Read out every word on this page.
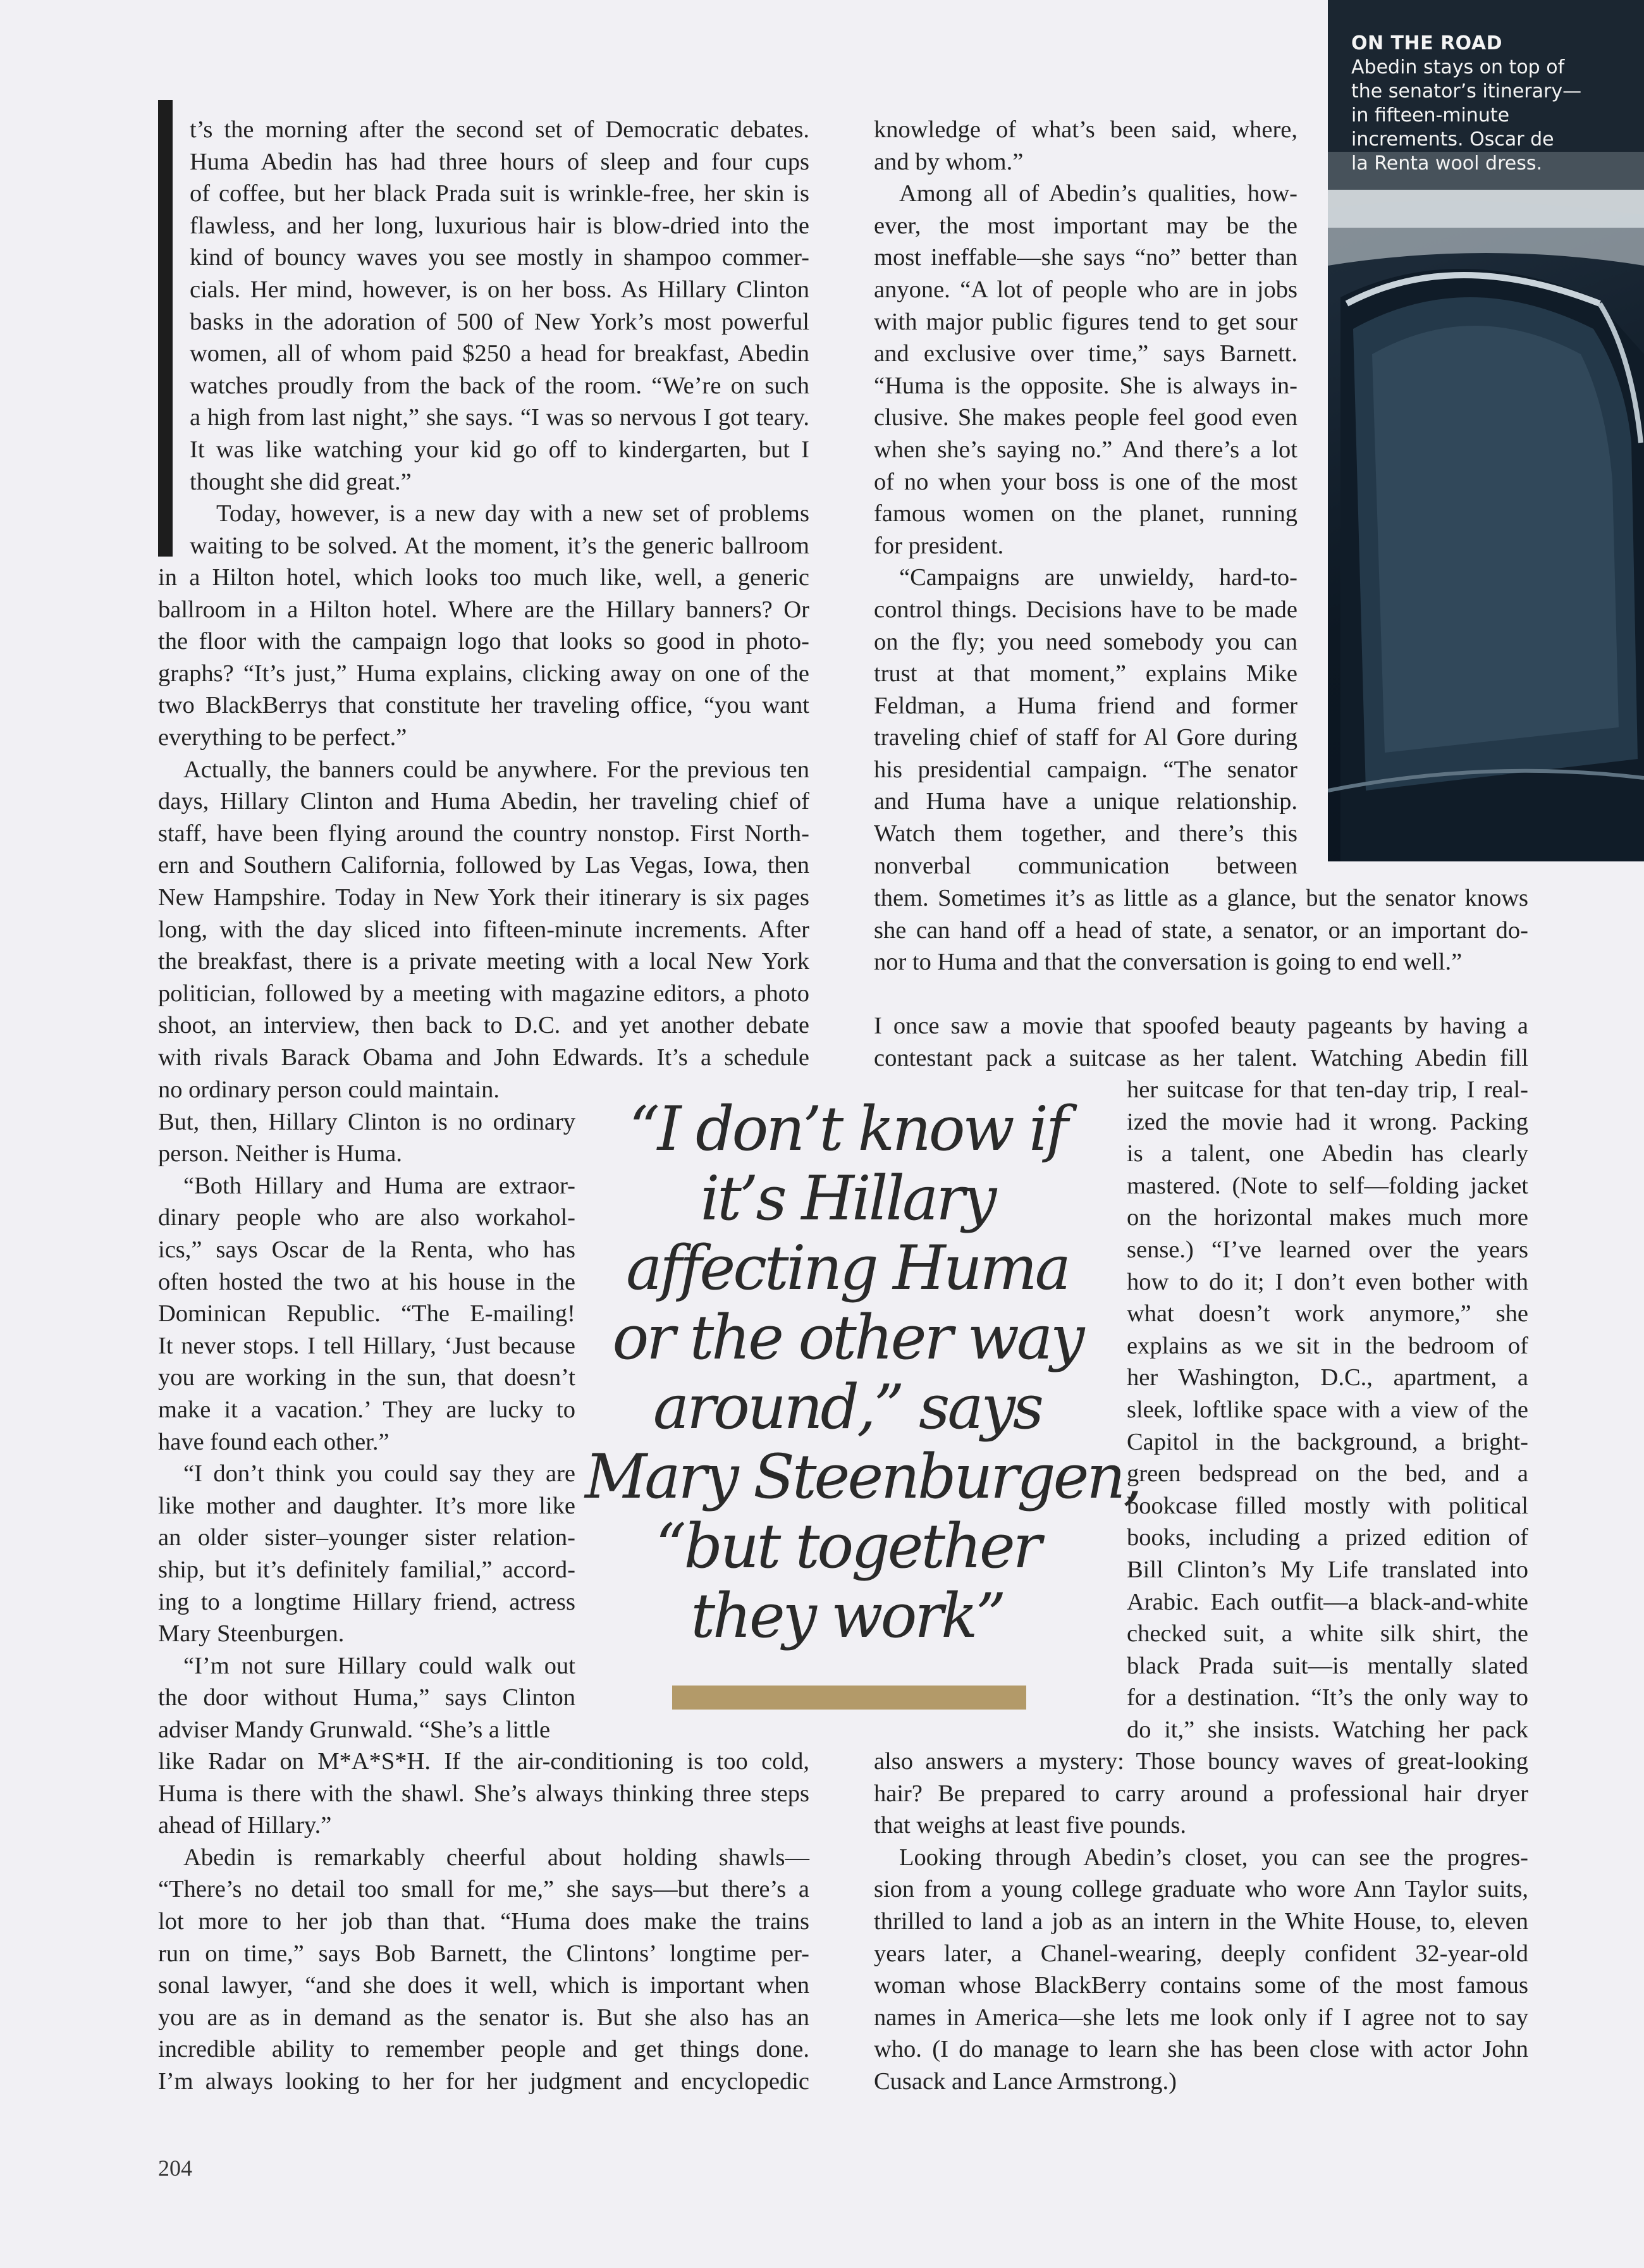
ON THE ROAD

Abedin stays on top of

the senator’s itinerary—

in fifteen-minute

increments. Oscar de

la Renta wool dress.

t’s the morning after the second set of Democratic debates.

Huma Abedin has had three hours of sleep and four cups

of coffee, but her black Prada suit is wrinkle-free, her skin is

flawless, and her long, luxurious hair is blow-dried into the

kind of bouncy waves you see mostly in shampoo commer-

cials. Her mind, however, is on her boss. As Hillary Clinton

basks in the adoration of 500 of New York’s most powerful

women, all of whom paid $250 a head for breakfast, Abedin

watches proudly from the back of the room. “We’re on such

a high from last night,” she says. “I was so nervous I got teary.

It was like watching your kid go off to kindergarten, but I

thought she did great.”

Today, however, is a new day with a new set of problems

waiting to be solved. At the moment, it’s the generic ballroom

in a Hilton hotel, which looks too much like, well, a generic

ballroom in a Hilton hotel. Where are the Hillary banners? Or

the floor with the campaign logo that looks so good in photo-

graphs? “It’s just,” Huma explains, clicking away on one of the

two BlackBerrys that constitute her traveling office, “you want

everything to be perfect.”

Actually, the banners could be anywhere. For the previous ten

days, Hillary Clinton and Huma Abedin, her traveling chief of

staff, have been flying around the country nonstop. First North-

ern and Southern California, followed by Las Vegas, Iowa, then

New Hampshire. Today in New York their itinerary is six pages

long, with the day sliced into fifteen-minute increments. After

the breakfast, there is a private meeting with a local New York

politician, followed by a meeting with magazine editors, a photo

shoot, an interview, then back to D.C. and yet another debate

with rivals Barack Obama and John Edwards. It’s a schedule

no ordinary person could maintain.

But, then, Hillary Clinton is no ordinary

person. Neither is Huma.

“Both Hillary and Huma are extraor-

dinary people who are also workahol-

ics,” says Oscar de la Renta, who has

often hosted the two at his house in the

Dominican Republic. “The E-mailing!

It never stops. I tell Hillary, ‘Just because

you are working in the sun, that doesn’t

make it a vacation.’ They are lucky to

have found each other.”

“I don’t think you could say they are

like mother and daughter. It’s more like

an older sister–younger sister relation-

ship, but it’s definitely familial,” accord-

ing to a longtime Hillary friend, actress

Mary Steenburgen.

“I’m not sure Hillary could walk out

the door without Huma,” says Clinton

adviser Mandy Grunwald. “She’s a little

like Radar on M*A*S*H. If the air-conditioning is too cold,

Huma is there with the shawl. She’s always thinking three steps

ahead of Hillary.”

Abedin is remarkably cheerful about holding shawls—

“There’s no detail too small for me,” she says—but there’s a

lot more to her job than that. “Huma does make the trains

run on time,” says Bob Barnett, the Clintons’ longtime per-

sonal lawyer, “and she does it well, which is important when

you are as in demand as the senator is. But she also has an

incredible ability to remember people and get things done.

I’m always looking to her for her judgment and encyclopedic

knowledge of what’s been said, where,

and by whom.”

Among all of Abedin’s qualities, how-

ever, the most important may be the

most ineffable—she says “no” better than

anyone. “A lot of people who are in jobs

with major public figures tend to get sour

and exclusive over time,” says Barnett.

“Huma is the opposite. She is always in-

clusive. She makes people feel good even

when she’s saying no.” And there’s a lot

of no when your boss is one of the most

famous women on the planet, running

for president.

“Campaigns are unwieldy, hard-to-

control things. Decisions have to be made

on the fly; you need somebody you can

trust at that moment,” explains Mike

Feldman, a Huma friend and former

traveling chief of staff for Al Gore during

his presidential campaign. “The senator

and Huma have a unique relationship.

Watch them together, and there’s this

nonverbal communication between

them. Sometimes it’s as little as a glance, but the senator knows

she can hand off a head of state, a senator, or an important do-

nor to Huma and that the conversation is going to end well.”

I once saw a movie that spoofed beauty pageants by having a

contestant pack a suitcase as her talent. Watching Abedin fill

her suitcase for that ten-day trip, I real-

ized the movie had it wrong. Packing

is a talent, one Abedin has clearly

mastered. (Note to self—folding jacket

on the horizontal makes much more

sense.) “I’ve learned over the years

how to do it; I don’t even bother with

what doesn’t work anymore,” she

explains as we sit in the bedroom of

her Washington, D.C., apartment, a

sleek, loftlike space with a view of the

Capitol in the background, a bright-

green bedspread on the bed, and a

bookcase filled mostly with political

books, including a prized edition of

Bill Clinton’s My Life translated into

Arabic. Each outfit—a black-and-white

checked suit, a white silk shirt, the

black Prada suit—is mentally slated

for a destination. “It’s the only way to

do it,” she insists. Watching her pack

also answers a mystery: Those bouncy waves of great-looking

hair? Be prepared to carry around a professional hair dryer

that weighs at least five pounds.

Looking through Abedin’s closet, you can see the progres-

sion from a young college graduate who wore Ann Taylor suits,

thrilled to land a job as an intern in the White House, to, eleven

years later, a Chanel-wearing, deeply confident 32-year-old

woman whose BlackBerry contains some of the most famous

names in America—she lets me look only if I agree not to say

who. (I do manage to learn she has been close with actor John

Cusack and Lance Armstrong.)

“I don’t know if

it’s Hillary

affecting Huma

or the other way

around,” says

Mary Steenburgen,

“but together

they work”

204
